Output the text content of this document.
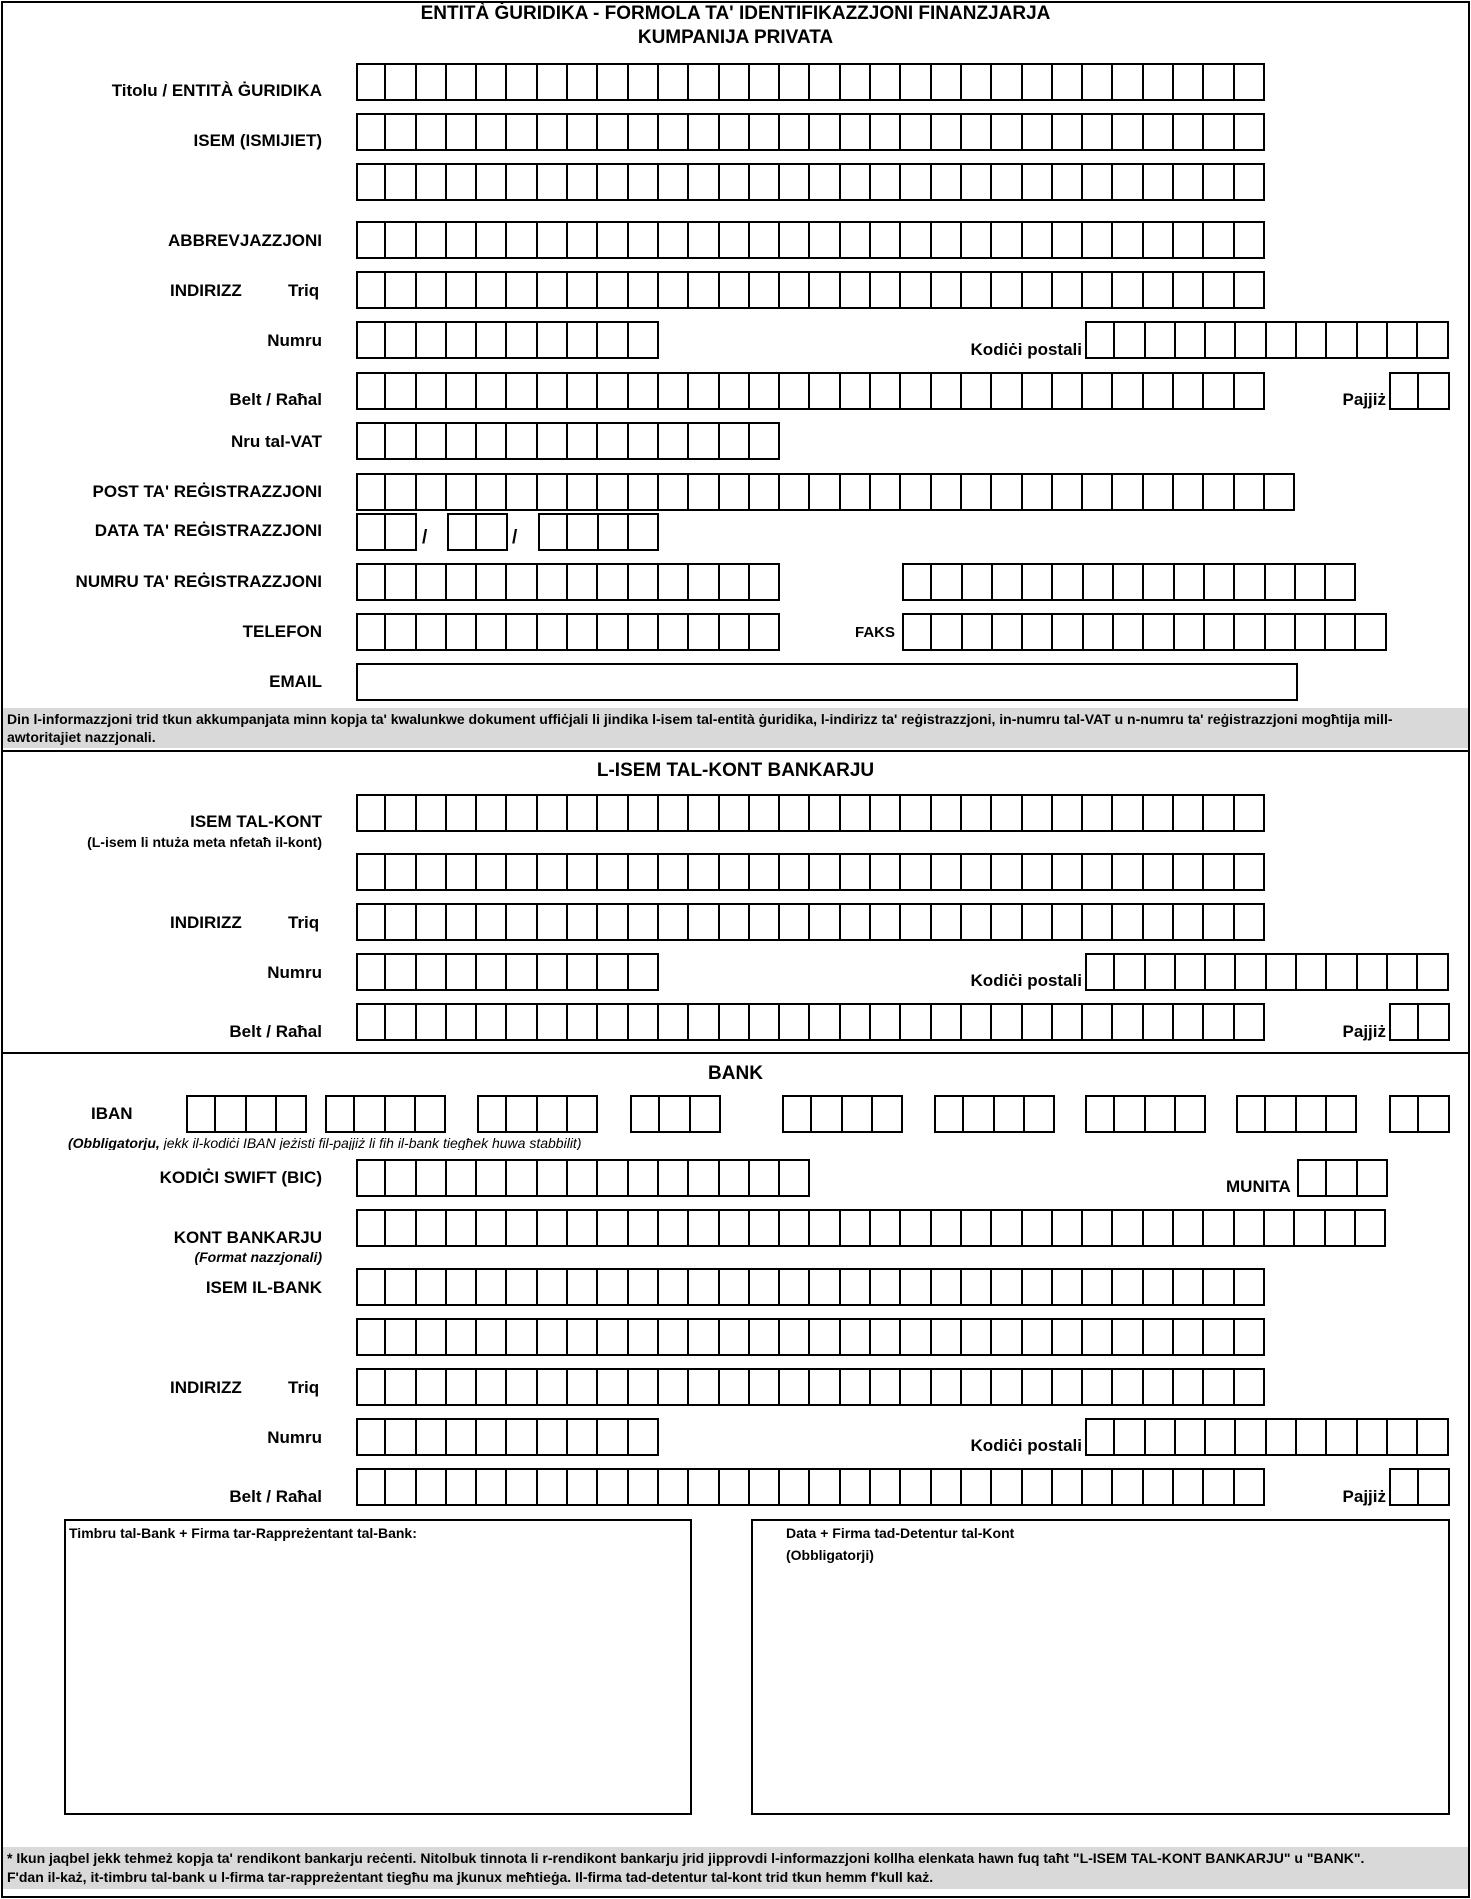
ENTITÀ ĠURIDIKA - FORMOLA TA' IDENTIFIKAZZJONI FINANZJARJA
KUMPANIJA PRIVATA
Titolu / ENTITÀ ĠURIDIKA
ISEM (ISMIJIET)
ABBREVJAZZJONI
INDIRIZZ	Triq
Numru	Kodiċi postali
Belt / Raħal	Pajjiż
Nru tal-VAT
POST TA' REĠISTRAZZJONI
DATA TA' REĠISTRAZZJONI	/	/
NUMRU TA' REĠISTRAZZJONI
TELEFON	FAKS
EMAIL
Din l-informazzjoni trid tkun akkumpanjata minn kopja ta' kwalunkwe dokument uffiċjali li jindika l-isem tal-entità ġuridika, l-indirizz ta' reġistrazzjoni, in-numru tal-VAT u n-numru ta' reġistrazzjoni mogħtija mill-awtoritajiet nazzjonali.
L-ISEM TAL-KONT BANKARJU
ISEM TAL-KONT
(L-isem li ntuża meta nfetaħ il-kont)
INDIRIZZ	Triq
Numru	Kodiċi postali
Belt / Raħal	Pajjiż
BANK
IBAN
(Obbligatorju, jekk il-kodiċi IBAN jeżisti fil-pajjiż li fih il-bank tiegħek huwa stabbilit)
KODIĊI SWIFT (BIC)	MUNITA
KONT BANKARJU
(Format nazzjonali)
ISEM IL-BANK
INDIRIZZ	Triq
Numru	Kodiċi postali
Belt / Raħal	Pajjiż
Timbru tal-Bank + Firma tar-Rappreżentant tal-Bank:	Data + Firma tad-Detentur tal-Kont
(Obbligatorji)
* Ikun jaqbel jekk tehmeż kopja ta' rendikont bankarju reċenti. Nitolbuk tinnota li r-rendikont bankarju jrid jipprovdi l-informazzjoni kollha elenkata hawn fuq taħt "L-ISEM TAL-KONT BANKARJU" u "BANK".
F'dan il-każ, it-timbru tal-bank u l-firma tar-rappreżentant tiegħu ma jkunux meħtieġa. Il-firma tad-detentur tal-kont trid tkun hemm f'kull każ.
